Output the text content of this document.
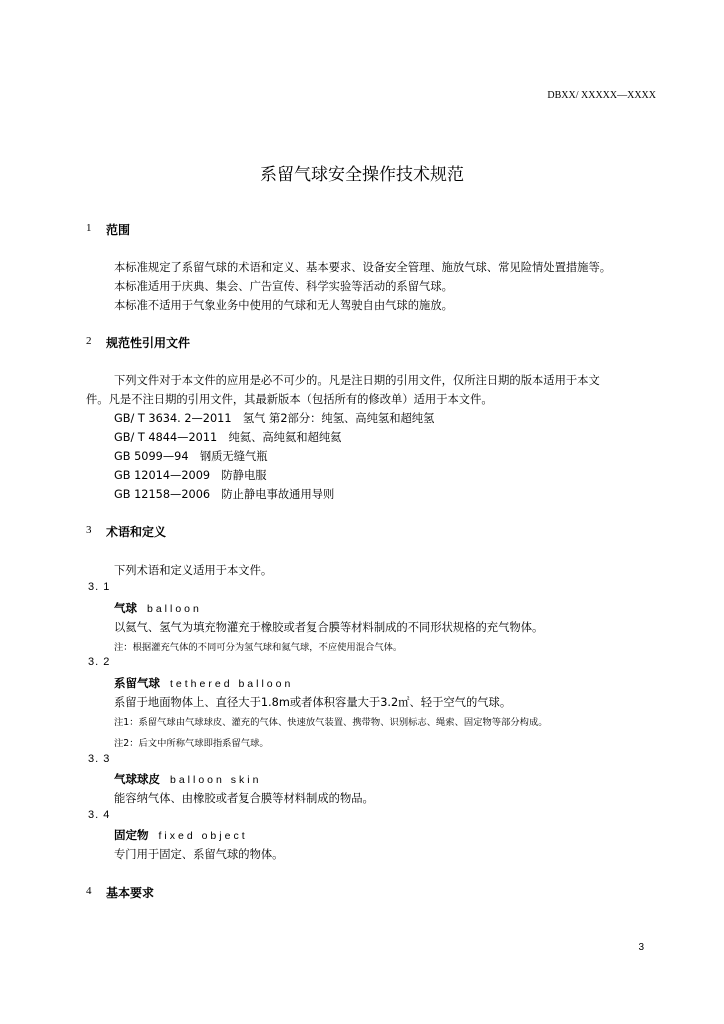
DBXX/ XXXXX—XXXX
系留气球安全操作技术规范
1 范围
本标准规定了系留气球的术语和定义、基本要求、设备安全管理、施放气球、常见险情处置措施等。
本标准适用于庆典、集会、广告宣传、科学实验等活动的系留气球。
本标准不适用于气象业务中使用的气球和无人驾驶自由气球的施放。
2 规范性引用文件
下列文件对于本文件的应用是必不可少的。凡是注日期的引用文件，仅所注日期的版本适用于本文
件。凡是不注日期的引用文件，其最新版本（包括所有的修改单）适用于本文件。
GB/ T 3634. 2—2011　氢气 第2部分：纯氢、高纯氢和超纯氢
GB/ T 4844—2011　纯氦、高纯氦和超纯氦
GB 5099—94　钢质无缝气瓶
GB 12014—2009　防静电服
GB 12158—2006　防止静电事故通用导则
3 术语和定义
下列术语和定义适用于本文件。
3. 1
气球 balloon
以氦气、氢气为填充物灌充于橡胶或者复合膜等材料制成的不同形状规格的充气物体。
注：根据灌充气体的不同可分为氢气球和氦气球，不应使用混合气体。
3. 2
系留气球 tethered balloon
系留于地面物体上、直径大于1.8m或者体积容量大于3.2㎡、轻于空气的气球。
注1：系留气球由气球球皮、灌充的气体、快速放气装置、携带物、识别标志、绳索、固定物等部分构成。
注2：后文中所称气球即指系留气球。
3. 3
气球球皮 balloon skin
能容纳气体、由橡胶或者复合膜等材料制成的物品。
3. 4
固定物 fixed object
专门用于固定、系留气球的物体。
4 基本要求
3
